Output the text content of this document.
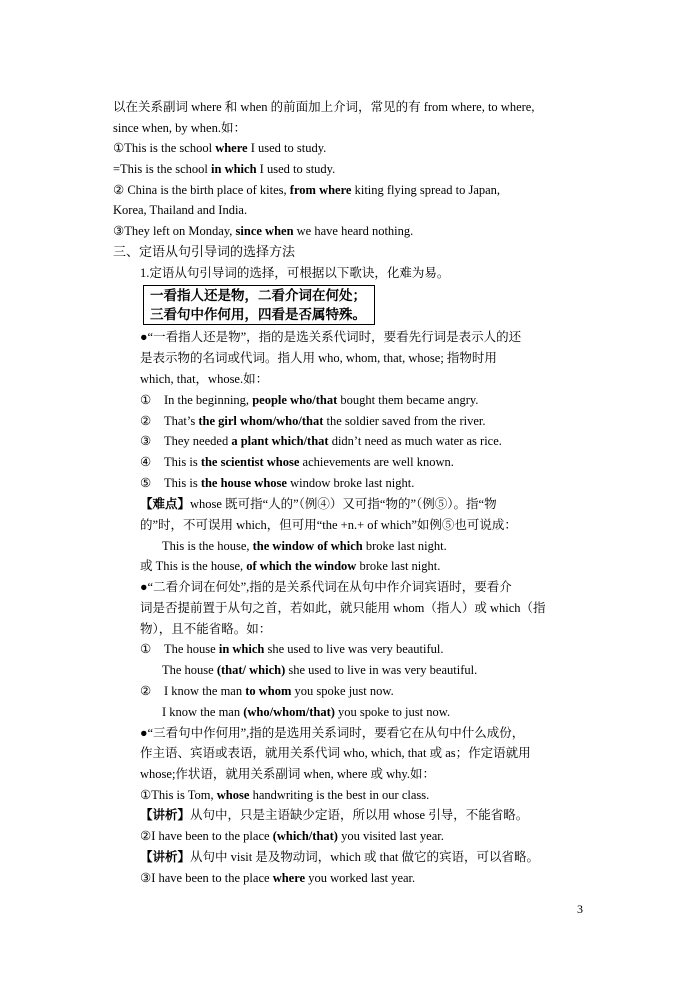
以在关系副词 where 和 when 的前面加上介词，常见的有 from where, to where,
since when, by when.如：
①This is the school where I used to study.
=This is the school in which I used to study.
② China is the birth place of kites, from where kiting flying spread to Japan,
Korea, Thailand and India.
③They left on Monday, since when we have heard nothing.
三、定语从句引导词的选择方法
1.定语从句引导词的选择，可根据以下歌诀，化难为易。
一看指人还是物，二看介词在何处；
三看句中作何用，四看是否属特殊。
●“一看指人还是物”，指的是选关系代词时，要看先行词是表示人的还
是表示物的名词或代词。指人用 who, whom, that, whose; 指物时用
which, that，whose.如：
① In the beginning, people who/that bought them became angry.
② That’s the girl whom/who/that the soldier saved from the river.
③ They needed a plant which/that didn’t need as much water as rice.
④ This is the scientist whose achievements are well known.
⑤ This is the house whose window broke last night.
【难点】whose 既可指“人的”（例④）又可指“物的”（例⑤）。指“物
的”时，不可误用 which，但可用“the +n.+ of which”如例⑤也可说成：
This is the house, the window of which broke last night.
或 This is the house, of which the window broke last night.
●“二看介词在何处”,指的是关系代词在从句中作介词宾语时，要看介
词是否提前置于从句之首，若如此，就只能用 whom（指人）或 which（指
物），且不能省略。如：
① The house in which she used to live was very beautiful.
The house (that/ which) she used to live in was very beautiful.
② I know the man to whom you spoke just now.
I know the man (who/whom/that) you spoke to just now.
●“三看句中作何用”,指的是选用关系词时，要看它在从句中什么成份，
作主语、宾语或表语，就用关系代词 who, which, that 或 as；作定语就用
whose;作状语，就用关系副词 when, where 或 why.如：
①This is Tom, whose handwriting is the best in our class.
【讲析】从句中，只是主语缺少定语，所以用 whose 引导，不能省略。
②I have been to the place (which/that) you visited last year.
【讲析】从句中 visit 是及物动词，which 或 that 做它的宾语，可以省略。
③I have been to the place where you worked last year.
3
